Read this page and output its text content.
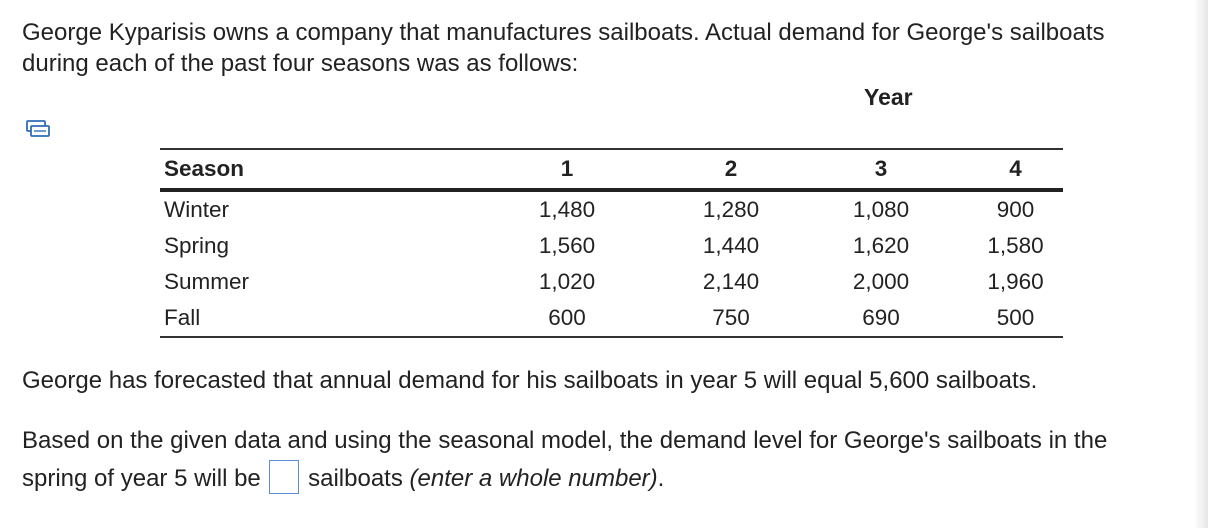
George Kyparisis owns a company that manufactures sailboats. Actual demand for George's sailboats
during each of the past four seasons was as follows:

Year
Season	1	2	3	4
Winter	1,480	1,280	1,080	900
Spring	1,560	1,440	1,620	1,580
Summer	1,020	2,140	2,000	1,960
Fall	600	750	690	500

George has forecasted that annual demand for his sailboats in year 5 will equal 5,600 sailboats.

Based on the given data and using the seasonal model, the demand level for George's sailboats in the
spring of year 5 will be sailboats (enter a whole number).
